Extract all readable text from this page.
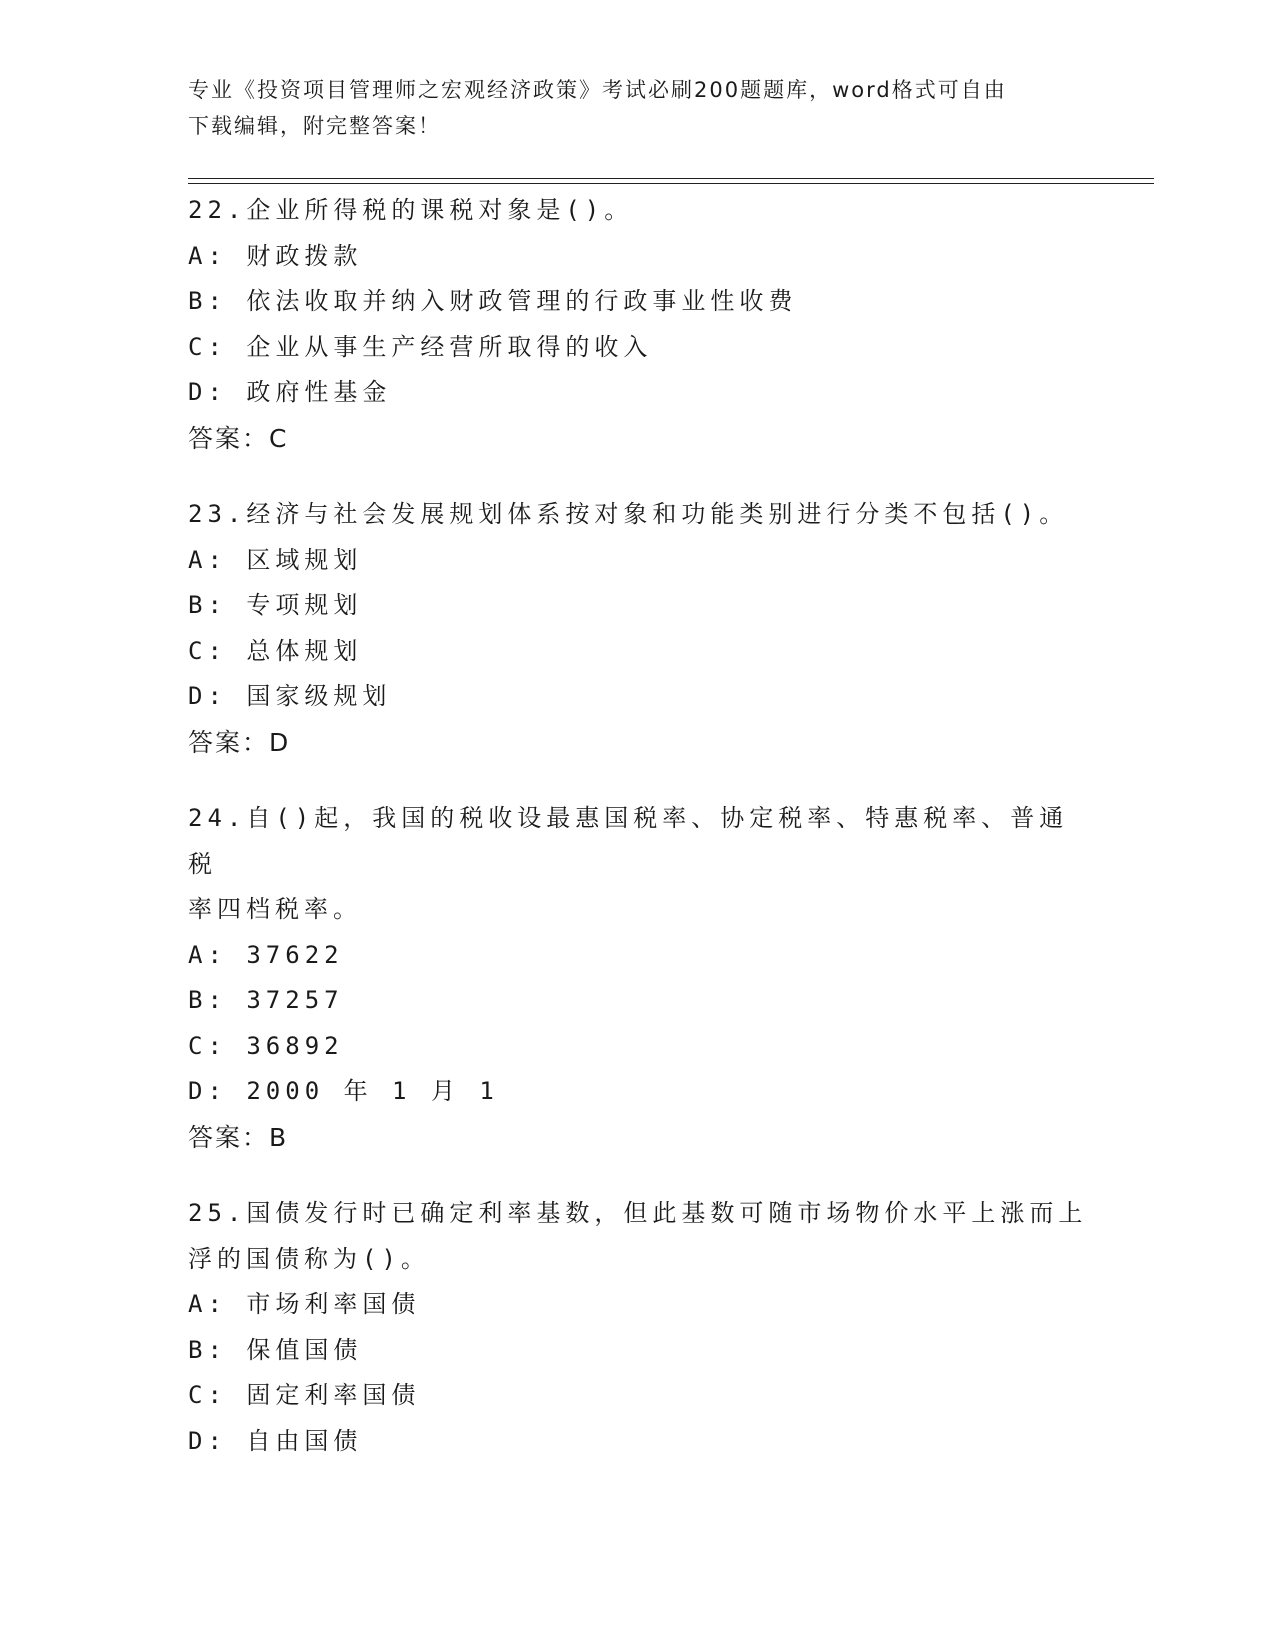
专业《投资项目管理师之宏观经济政策》考试必刷200题题库，word格式可自由
下载编辑，附完整答案！
22.企业所得税的课税对象是()。
A: 财政拨款
B: 依法收取并纳入财政管理的行政事业性收费
C: 企业从事生产经营所取得的收入
D: 政府性基金
答案：C
23.经济与社会发展规划体系按对象和功能类别进行分类不包括()。
A: 区域规划
B: 专项规划
C: 总体规划
D: 国家级规划
答案：D
24.自()起，我国的税收设最惠国税率、协定税率、特惠税率、普通税
率四档税率。
A: 37622
B: 37257
C: 36892
D: 2000 年 1 月 1
答案：B
25.国债发行时已确定利率基数，但此基数可随市场物价水平上涨而上
浮的国债称为()。
A: 市场利率国债
B: 保值国债
C: 固定利率国债
D: 自由国债
